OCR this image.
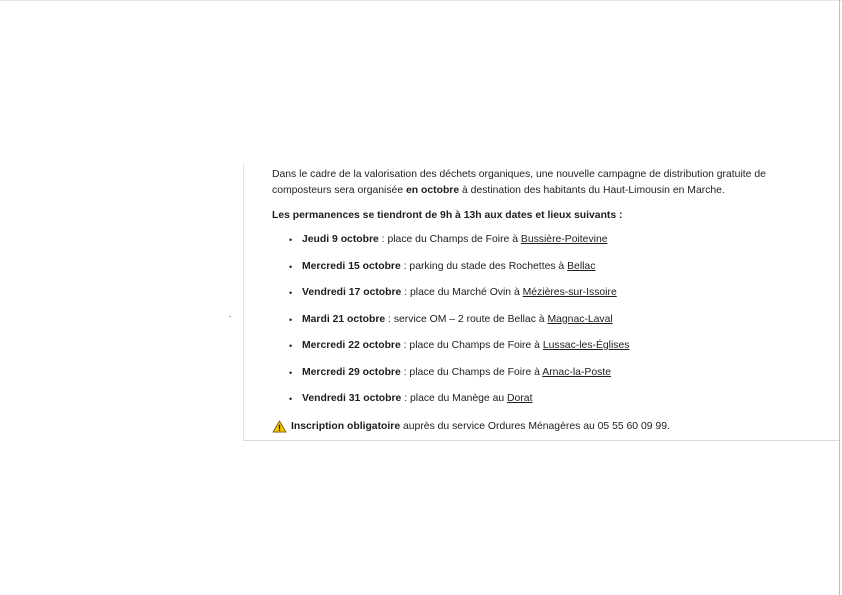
Dans le cadre de la valorisation des déchets organiques, une nouvelle campagne de distribution gratuite de composteurs sera organisée en octobre à destination des habitants du Haut-Limousin en Marche.

Les permanences se tiendront de 9h à 13h aux dates et lieux suivants :

• Jeudi 9 octobre : place du Champs de Foire à Bussière-Poitevine
• Mercredi 15 octobre : parking du stade des Rochettes à Bellac
• Vendredi 17 octobre : place du Marché Ovin à Mézières-sur-Issoire
• Mardi 21 octobre : service OM – 2 route de Bellac à Magnac-Laval
• Mercredi 22 octobre : place du Champs de Foire à Lussac-les-Églises
• Mercredi 29 octobre : place du Champs de Foire à Arnac-la-Poste
• Vendredi 31 octobre : place du Manège au Dorat

Inscription obligatoire auprès du service Ordures Ménagères au 05 55 60 09 99.
